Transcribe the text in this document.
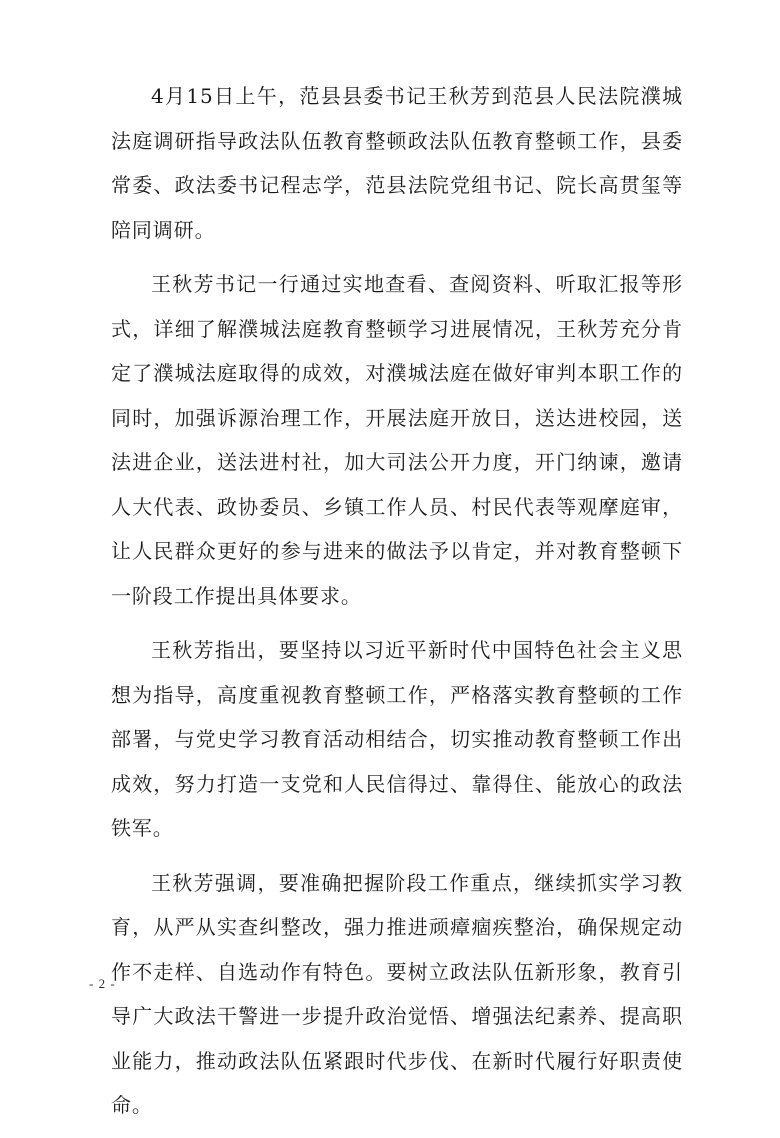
4月15日上午，范县县委书记王秋芳到范县人民法院濮城法庭调研指导政法队伍教育整顿政法队伍教育整顿工作，县委常委、政法委书记程志学，范县法院党组书记、院长高贯玺等陪同调研。

王秋芳书记一行通过实地查看、查阅资料、听取汇报等形式，详细了解濮城法庭教育整顿学习进展情况，王秋芳充分肯定了濮城法庭取得的成效，对濮城法庭在做好审判本职工作的同时，加强诉源治理工作，开展法庭开放日，送达进校园，送法进企业，送法进村社，加大司法公开力度，开门纳谏，邀请人大代表、政协委员、乡镇工作人员、村民代表等观摩庭审，让人民群众更好的参与进来的做法予以肯定，并对教育整顿下一阶段工作提出具体要求。

王秋芳指出，要坚持以习近平新时代中国特色社会主义思想为指导，高度重视教育整顿工作，严格落实教育整顿的工作部署，与党史学习教育活动相结合，切实推动教育整顿工作出成效，努力打造一支党和人民信得过、靠得住、能放心的政法铁军。

王秋芳强调，要准确把握阶段工作重点，继续抓实学习教育，从严从实查纠整改，强力推进顽瘴痼疾整治，确保规定动作不走样、自选动作有特色。要树立政法队伍新形象，教育引导广大政法干警进一步提升政治觉悟、增强法纪素养、提高职业能力，推动政法队伍紧跟时代步伐、在新时代履行好职责使命。

- 2 -
